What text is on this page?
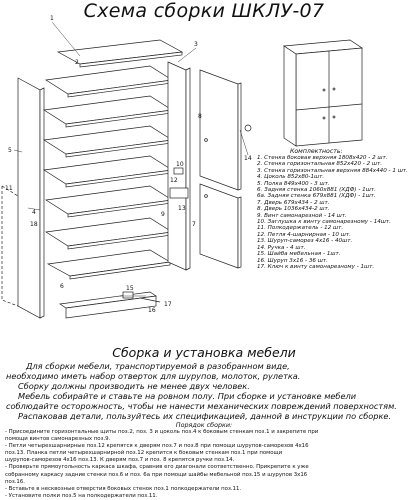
Схема сборки ШКЛУ-07
1
2
3
4
5
6
7
8
9
10
11
12
13
14
15
16
17
18
Комплектность:
1. Стенка боковая верхняя 1808х420 - 2 шт.
2. Стенка горизонтальная 852х420 - 2 шт.
3. Стенка горизонтальная верхняя 884х440 - 1 шт.
4. Цоколь 852х80-1шт.
5. Полка 849х400 - 3 шт.
6. Задняя стенка 1060х881 (ХДФ) - 1шт.
6а. Задняя стенка 679х881 (ХДФ) - 1шт.
7. Дверь 679х434 - 2 шт.
8. Дверь 1036х434-2 шт.
9. Винт самонарезной - 14 шт.
10. Заглушка к винту самонарезному - 14шт.
11. Полкодержатель - 12 шт.
12. Петля 4-шарнирная - 10 шт.
13. Шуруп-саморез 4х16 - 40шт.
14. Ручка - 4 шт.
15. Шайба мебельная - 1шт.
16. Шуруп 3х16 - 36 шт.
17. Ключ к винту самонарезному - 1шт.
Сборка и установка мебели
Для сборки мебели, транспортируемой в разобранном виде,
необходимо иметь набор отверток для шурупов, молоток, рулетка.
Сборку должны производить не менее двух человек.
Мебель собирайте и ставьте на ровном полу. При сборке и установке мебели
соблюдайте осторожность, чтобы не нанести механических повреждений поверхностям.
Распаковав детали, пользуйтесь их спецификацией, данной в инструкции по сборке.
Порядок сборки:
- Присоедините горизонтальные щиты поз.2, поз. 3 и цоколь поз.4 к боковым стенкам поз.1 и закрепите при
помощи винтов самонарезных поз.9.
- Петли четырехшарнирные поз.12 крепятся к дверям поз.7 и поз.8 при помощи шурупов-саморезов 4х16
поз.13. Планка петли четырехшарнирной поз.12 крепится к боковым стенкам поз.1 при помощи
шурупов-саморезов 4х16 поз.13. К дверям поз.7 и поз. 8 крепятся ручки поз.14.
- Проверьте прямоугольность каркаса шкафа, сравнив его диагонали соответственно. Прикрепите к уже
собранному каркасу задние стенки поз.6 и поз. 6а при помощи шайбы мебельной поз.15 и шурупов 3х16
поз.16.
- Вставьте в несквозные отверстия боковых стенок поз.1 полкодержатели поз.11.
- Установите полки поз.5 на полкодержатели поз.11.
